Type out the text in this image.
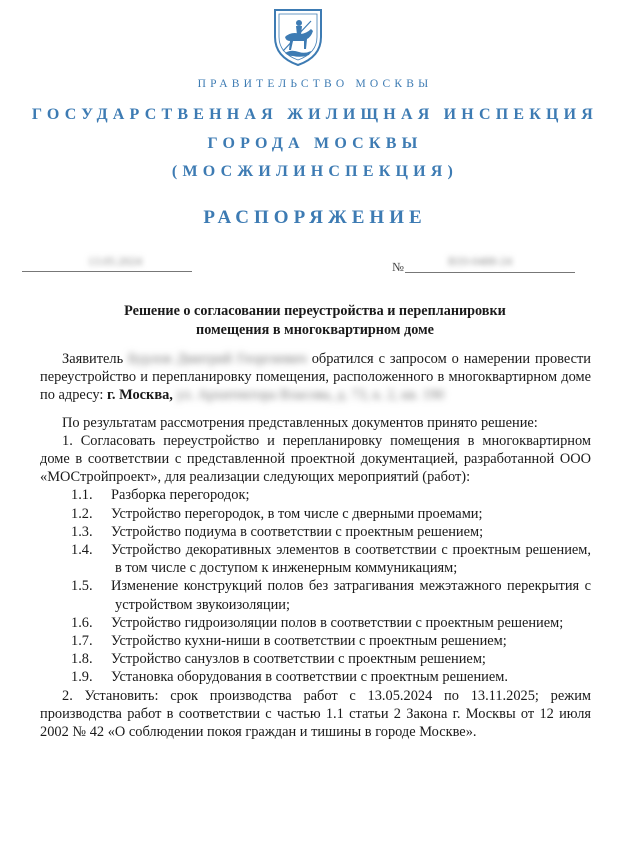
ПРАВИТЕЛЬСТВО МОСКВЫ
ГОСУДАРСТВЕННАЯ ЖИЛИЩНАЯ ИНСПЕКЦИЯ
ГОРОДА МОСКВЫ
(МОСЖИЛИНСПЕКЦИЯ)
РАСПОРЯЖЕНИЕ
13.05.2024	№	ВЗЗ-0488-24
Решение о согласовании переустройства и перепланировки
помещения в многоквартирном доме

Заявитель Бурлов Дмитрий Георгиевич обратился с запросом о намерении провести переустройство и перепланировку помещения, расположенного в многоквартирном доме по адресу: г. Москва, ул. Архитектора Власова, д. 73, к. 2, кв. 190

По результатам рассмотрения представленных документов принято решение:

1. Согласовать переустройство и перепланировку помещения в многоквартирном доме в соответствии с представленной проектной документацией, разработанной ООО «МОСтройпроект», для реализации следующих мероприятий (работ):

1.1. Разборка перегородок;

1.2. Устройство перегородок, в том числе с дверными проемами;

1.3. Устройство подиума в соответствии с проектным решением;

1.4. Устройство декоративных элементов в соответствии с проектным решением, в том числе с доступом к инженерным коммуникациям;

1.5. Изменение конструкций полов без затрагивания межэтажного перекрытия с устройством звукоизоляции;

1.6. Устройство гидроизоляции полов в соответствии с проектным решением;

1.7. Устройство кухни-ниши в соответствии с проектным решением;

1.8. Устройство санузлов в соответствии с проектным решением;

1.9. Установка оборудования в соответствии с проектным решением.

2. Установить: срок производства работ с 13.05.2024 по 13.11.2025; режим производства работ в соответствии с частью 1.1 статьи 2 Закона г. Москвы от 12 июля 2002 № 42 «О соблюдении покоя граждан и тишины в городе Москве».
